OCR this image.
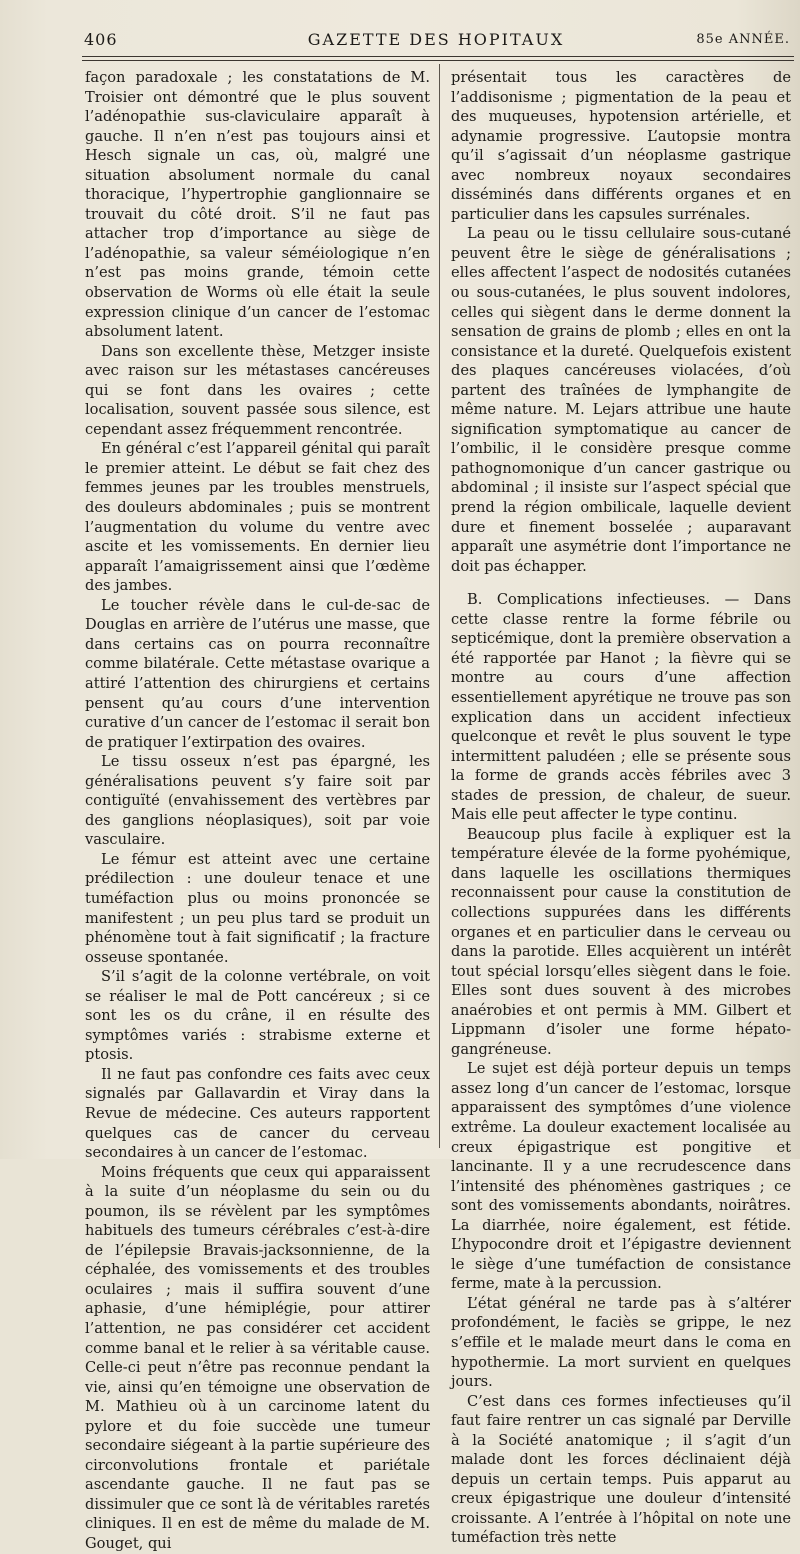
406	GAZETTE DES HOPITAUX	85e ANNÉE.

façon paradoxale ; les constatations de M. Troisier ont démontré que le plus souvent l’adénopathie sus-claviculaire apparaît à gauche. Il n’en n’est pas toujours ainsi et Hesch signale un cas, où, malgré une situation absolument normale du canal thoracique, l’hypertrophie ganglionnaire se trouvait du côté droit. S’il ne faut pas attacher trop d’importance au siège de l’adénopathie, sa valeur séméiologique n’en n’est pas moins grande, témoin cette observation de Worms où elle était la seule expression clinique d’un cancer de l’estomac absolument latent.

Dans son excellente thèse, Metzger insiste avec raison sur les métastases cancéreuses qui se font dans les ovaires ; cette localisation, souvent passée sous silence, est cependant assez fréquemment rencontrée.

En général c’est l’appareil génital qui paraît le premier atteint. Le début se fait chez des femmes jeunes par les troubles menstruels, des douleurs abdominales ; puis se montrent l’augmentation du volume du ventre avec ascite et les vomissements. En dernier lieu apparaît l’amaigrissement ainsi que l’œdème des jambes.

Le toucher révèle dans le cul-de-sac de Douglas en arrière de l’utérus une masse, que dans certains cas on pourra reconnaître comme bilatérale. Cette métastase ovarique a attiré l’attention des chirurgiens et certains pensent qu’au cours d’une intervention curative d’un cancer de l’estomac il serait bon de pratiquer l’extirpation des ovaires.

Le tissu osseux n’est pas épargné, les généralisations peuvent s’y faire soit par contiguïté (envahissement des vertèbres par des ganglions néoplasiques), soit par voie vasculaire.

Le fémur est atteint avec une certaine prédilection : une douleur tenace et une tuméfaction plus ou moins prononcée se manifestent ; un peu plus tard se produit un phénomène tout à fait significatif ; la fracture osseuse spontanée.

S’il s’agit de la colonne vertébrale, on voit se réaliser le mal de Pott cancéreux ; si ce sont les os du crâne, il en résulte des symptômes variés : strabisme externe et ptosis.

Il ne faut pas confondre ces faits avec ceux signalés par Gallavardin et Viray dans la Revue de médecine. Ces auteurs rapportent quelques cas de cancer du cerveau secondaires à un cancer de l’estomac.

Moins fréquents que ceux qui apparaissent à la suite d’un néoplasme du sein ou du poumon, ils se révèlent par les symptômes habituels des tumeurs cérébrales c’est-à-dire de l’épilepsie Bravais-jacksonnienne, de la céphalée, des vomissements et des troubles oculaires ; mais il suffira souvent d’une aphasie, d’une hémiplégie, pour attirer l’attention, ne pas considérer cet accident comme banal et le relier à sa véritable cause. Celle-ci peut n’être pas reconnue pendant la vie, ainsi qu’en témoigne une observation de M. Mathieu où à un carcinome latent du pylore et du foie succède une tumeur secondaire siégeant à la partie supérieure des circonvolutions frontale et pariétale ascendante gauche. Il ne faut pas se dissimuler que ce sont là de véritables raretés cliniques. Il en est de même du malade de M. Gouget, qui

présentait tous les caractères de l’addisonisme ; pigmentation de la peau et des muqueuses, hypotension artérielle, et adynamie progressive. L’autopsie montra qu’il s’agissait d’un néoplasme gastrique avec nombreux noyaux secondaires disséminés dans différents organes et en particulier dans les capsules surrénales.

La peau ou le tissu cellulaire sous-cutané peuvent être le siège de généralisations ; elles affectent l’aspect de nodosités cutanées ou sous-cutanées, le plus souvent indolores, celles qui siègent dans le derme donnent la sensation de grains de plomb ; elles en ont la consistance et la dureté. Quelquefois existent des plaques cancéreuses violacées, d’où partent des traînées de lymphangite de même nature. M. Lejars attribue une haute signification symptomatique au cancer de l’ombilic, il le considère presque comme pathognomonique d’un cancer gastrique ou abdominal ; il insiste sur l’aspect spécial que prend la région ombilicale, laquelle devient dure et finement bosselée ; auparavant apparaît une asymétrie dont l’importance ne doit pas échapper.

B. Complications infectieuses. — Dans cette classe rentre la forme fébrile ou septicémique, dont la première observation a été rapportée par Hanot ; la fièvre qui se montre au cours d’une affection essentiellement apyrétique ne trouve pas son explication dans un accident infectieux quelconque et revêt le plus souvent le type intermittent paludéen ; elle se présente sous la forme de grands accès fébriles avec 3 stades de pression, de chaleur, de sueur. Mais elle peut affecter le type continu.

Beaucoup plus facile à expliquer est la température élevée de la forme pyohémique, dans laquelle les oscillations thermiques reconnaissent pour cause la constitution de collections suppurées dans les différents organes et en particulier dans le cerveau ou dans la parotide. Elles acquièrent un intérêt tout spécial lorsqu’elles siègent dans le foie. Elles sont dues souvent à des microbes anaérobies et ont permis à MM. Gilbert et Lippmann d’isoler une forme hépato-gangréneuse.

Le sujet est déjà porteur depuis un temps assez long d’un cancer de l’estomac, lorsque apparaissent des symptômes d’une violence extrême. La douleur exactement localisée au creux épigastrique est pongitive et lancinante. Il y a une recrudescence dans l’intensité des phénomènes gastriques ; ce sont des vomissements abondants, noirâtres. La diarrhée, noire également, est fétide. L’hypocondre droit et l’épigastre deviennent le siège d’une tuméfaction de consistance ferme, mate à la percussion.

L’état général ne tarde pas à s’altérer profondément, le faciès se grippe, le nez s’effile et le malade meurt dans le coma en hypothermie. La mort survient en quelques jours.

C’est dans ces formes infectieuses qu’il faut faire rentrer un cas signalé par Derville à la Société anatomique ; il s’agit d’un malade dont les forces déclinaient déjà depuis un certain temps. Puis apparut au creux épigastrique une douleur d’intensité croissante. A l’entrée à l’hôpital on note une tuméfaction très nette
